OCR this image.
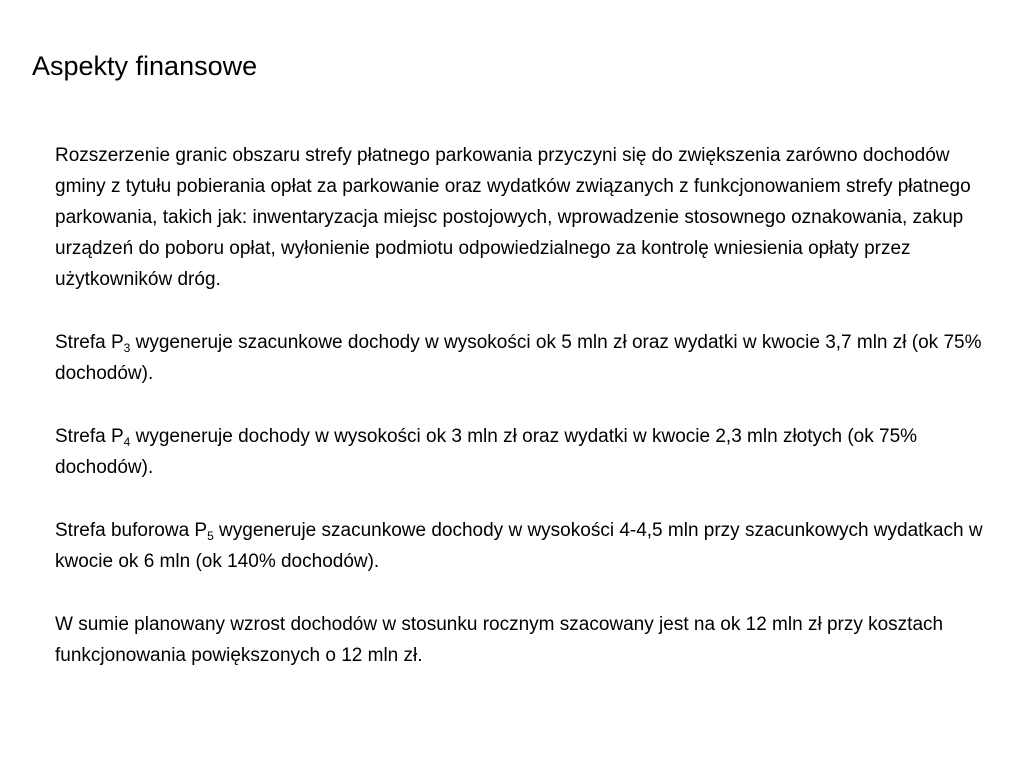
Aspekty finansowe

Rozszerzenie granic obszaru strefy płatnego parkowania przyczyni się do zwiększenia zarówno dochodów gminy z tytułu pobierania opłat za parkowanie oraz wydatków związanych z funkcjonowaniem strefy płatnego parkowania, takich jak: inwentaryzacja miejsc postojowych, wprowadzenie stosownego oznakowania, zakup urządzeń do poboru opłat, wyłonienie podmiotu odpowiedzialnego za kontrolę wniesienia opłaty przez użytkowników dróg.

Strefa $P_3$ wygeneruje szacunkowe dochody w wysokości ok 5 mln zł oraz wydatki w kwocie 3,7 mln zł (ok 75% dochodów).

Strefa $P_4$ wygeneruje dochody w wysokości ok 3 mln zł oraz wydatki w kwocie 2,3 mln złotych (ok 75% dochodów).

Strefa buforowa $P_5$ wygeneruje szacunkowe dochody w wysokości 4-4,5 mln przy szacunkowych wydatkach w kwocie ok 6 mln (ok 140% dochodów).

W sumie planowany wzrost dochodów w stosunku rocznym szacowany jest na ok 12 mln zł przy kosztach funkcjonowania powiększonych o 12 mln zł.
